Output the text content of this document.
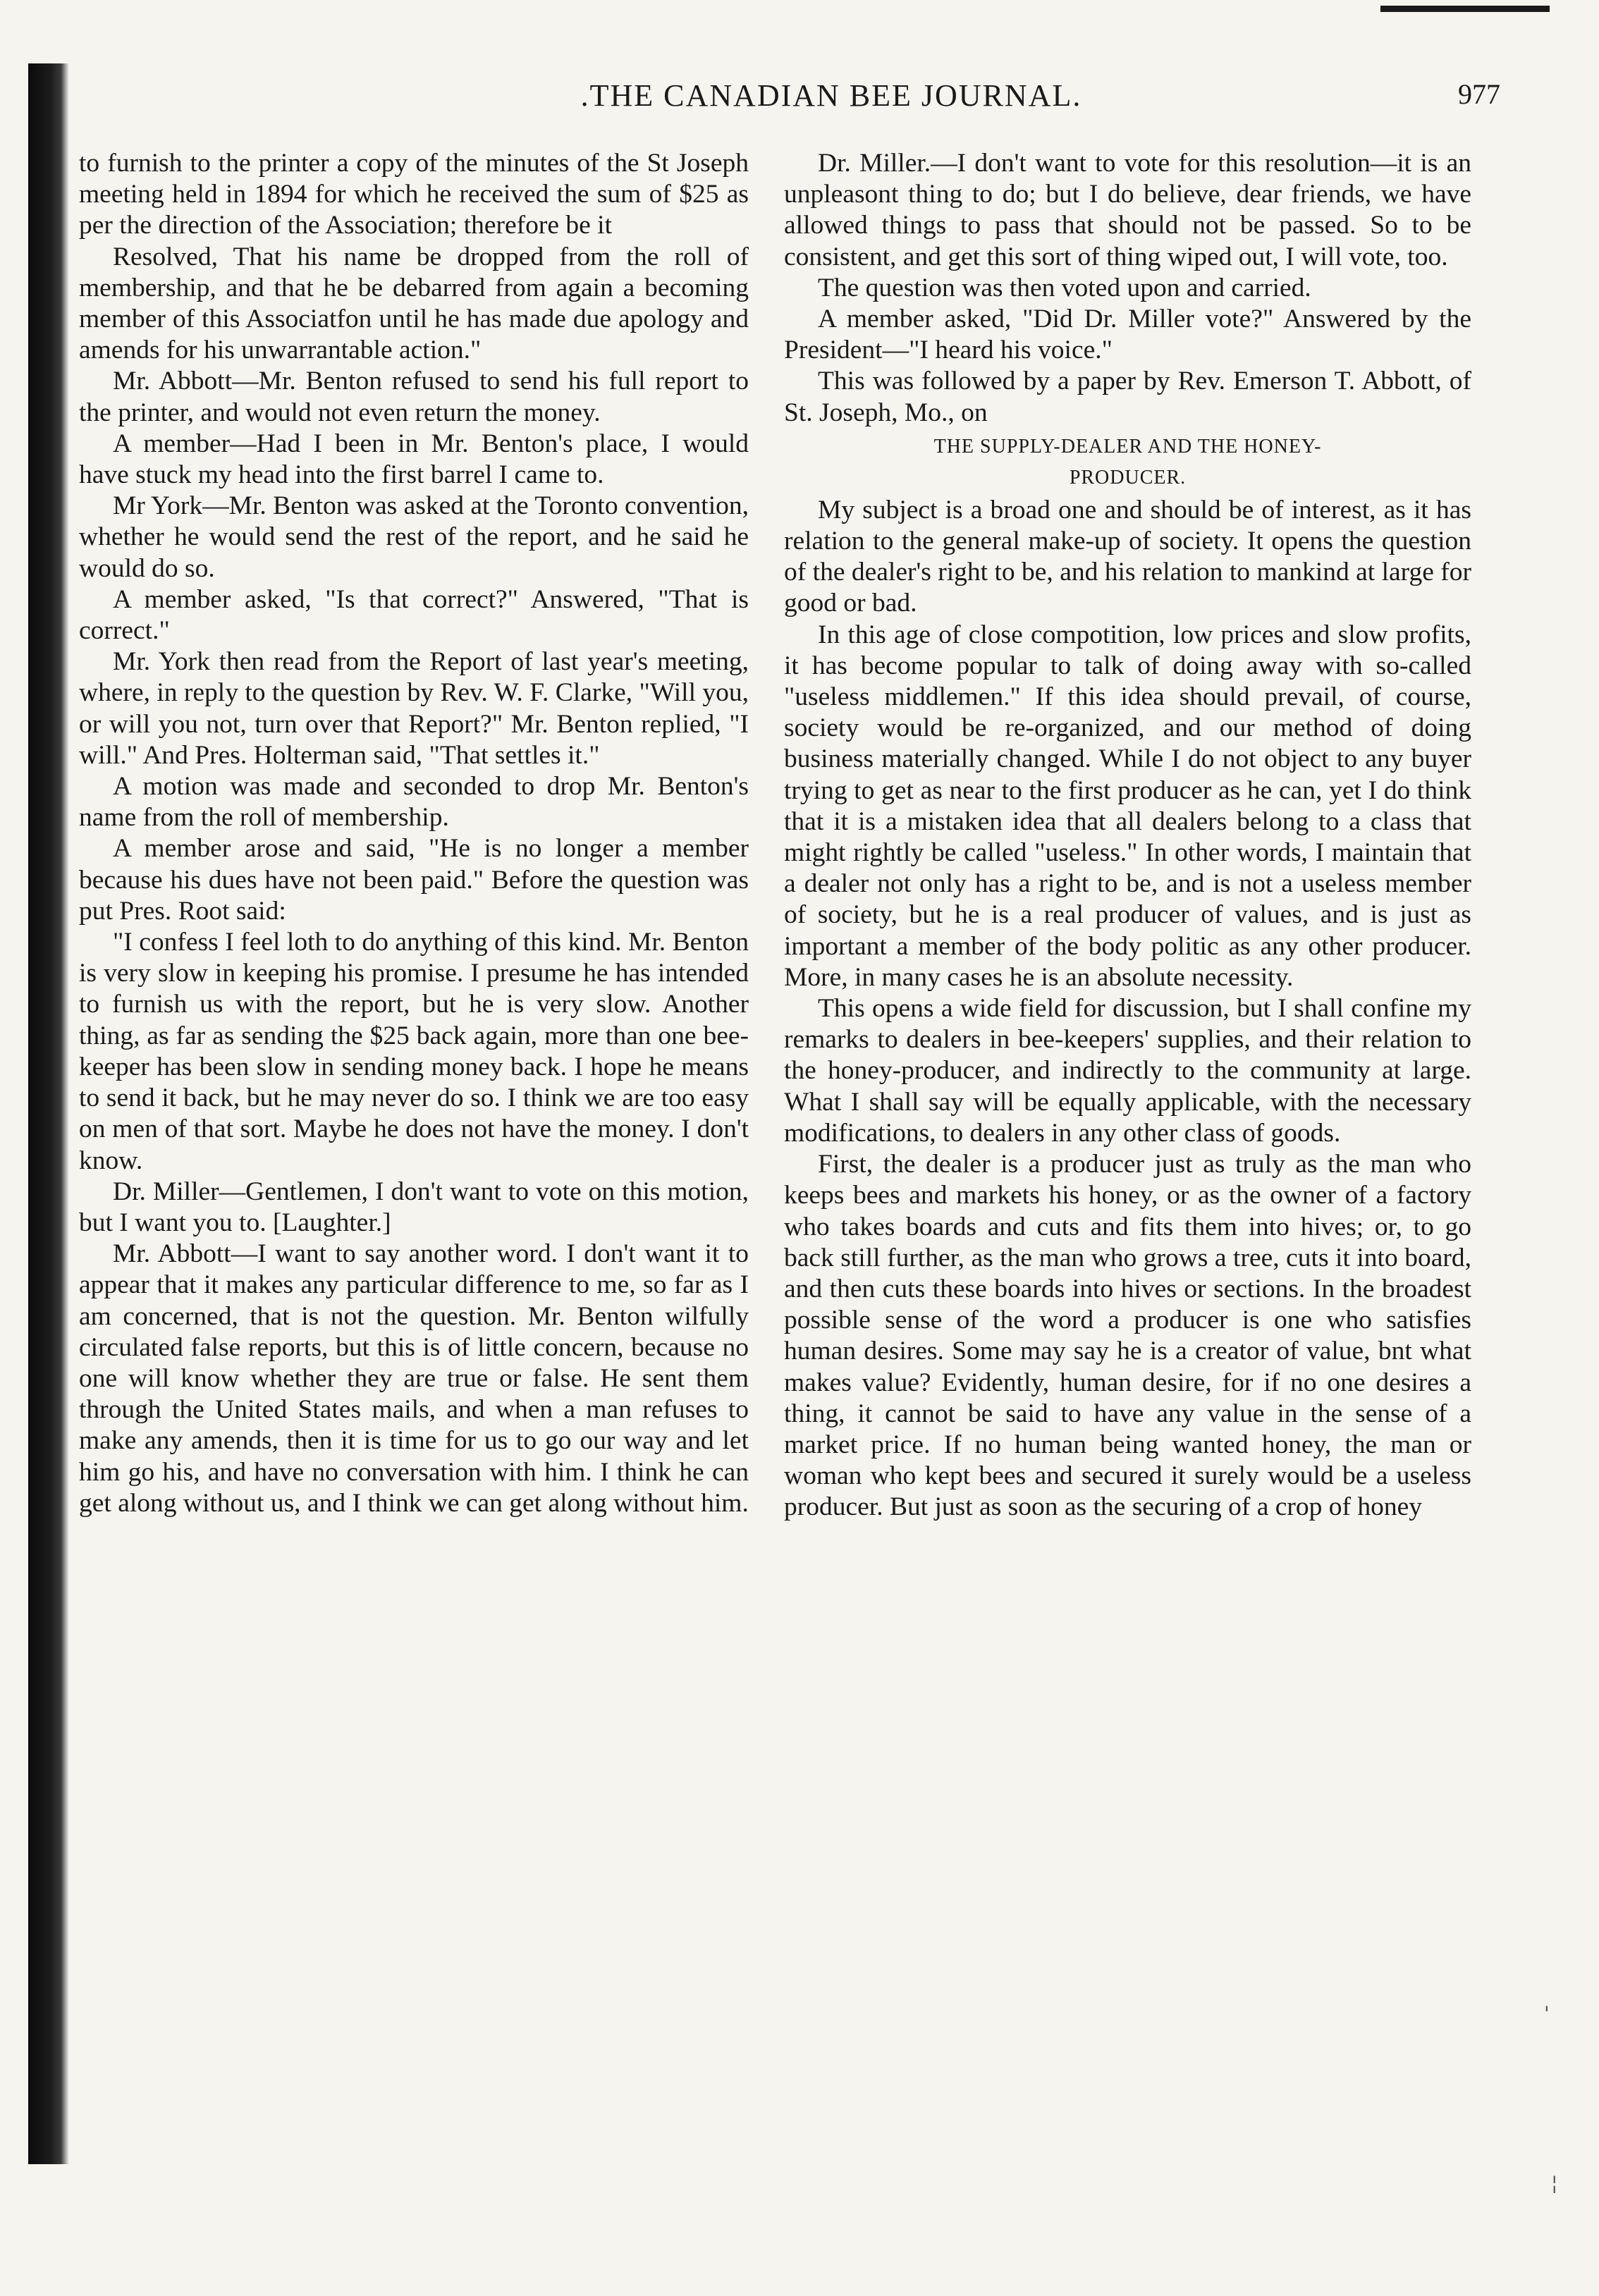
.THE CANADIAN BEE JOURNAL.	977

to furnish to the printer a copy of the minutes of the St Joseph meeting held in 1894 for which he received the sum of $25 as per the direction of the Association; therefore be it

Resolved, That his name be dropped from the roll of membership, and that he be debarred from again a becoming member of this Associatfon until he has made due apology and amends for his unwarrantable action."

Mr. Abbott—Mr. Benton refused to send his full report to the printer, and would not even return the money.

A member—Had I been in Mr. Benton's place, I would have stuck my head into the first barrel I came to.

Mr York—Mr. Benton was asked at the Toronto convention, whether he would send the rest of the report, and he said he would do so.

A member asked, "Is that correct?" Answered, "That is correct."

Mr. York then read from the Report of last year's meeting, where, in reply to the question by Rev. W. F. Clarke, "Will you, or will you not, turn over that Report?" Mr. Benton replied, "I will." And Pres. Holterman said, "That settles it."

A motion was made and seconded to drop Mr. Benton's name from the roll of membership.

A member arose and said, "He is no longer a member because his dues have not been paid." Before the question was put Pres. Root said:

"I confess I feel loth to do anything of this kind. Mr. Benton is very slow in keeping his promise. I presume he has intended to furnish us with the report, but he is very slow. Another thing, as far as sending the $25 back again, more than one bee-keeper has been slow in sending money back. I hope he means to send it back, but he may never do so. I think we are too easy on men of that sort. Maybe he does not have the money. I don't know.

Dr. Miller—Gentlemen, I don't want to vote on this motion, but I want you to. [Laughter.]

Mr. Abbott—I want to say another word. I don't want it to appear that it makes any particular difference to me, so far as I am concerned, that is not the question. Mr. Benton wilfully circulated false reports, but this is of little concern, because no one will know whether they are true or false. He sent them through the United States mails, and when a man refuses to make any amends, then it is time for us to go our way and let him go his, and have no conversation with him. I think he can get along without us, and I think we can get along without him.

Dr. Miller.—I don't want to vote for this resolution—it is an unpleasont thing to do; but I do believe, dear friends, we have allowed things to pass that should not be passed. So to be consistent, and get this sort of thing wiped out, I will vote, too.

The question was then voted upon and carried.

A member asked, "Did Dr. Miller vote?" Answered by the President—"I heard his voice."

This was followed by a paper by Rev. Emerson T. Abbott, of St. Joseph, Mo., on

THE SUPPLY-DEALER AND THE HONEY-
PRODUCER.

My subject is a broad one and should be of interest, as it has relation to the general make-up of society. It opens the question of the dealer's right to be, and his relation to mankind at large for good or bad.

In this age of close compotition, low prices and slow profits, it has become popular to talk of doing away with so-called "useless middlemen." If this idea should prevail, of course, society would be re-organized, and our method of doing business materially changed. While I do not object to any buyer trying to get as near to the first producer as he can, yet I do think that it is a mistaken idea that all dealers belong to a class that might rightly be called "useless." In other words, I maintain that a dealer not only has a right to be, and is not a useless member of society, but he is a real producer of values, and is just as important a member of the body politic as any other producer. More, in many cases he is an absolute necessity.

This opens a wide field for discussion, but I shall confine my remarks to dealers in bee-keepers' supplies, and their relation to the honey-producer, and indirectly to the community at large. What I shall say will be equally applicable, with the necessary modifications, to dealers in any other class of goods.

First, the dealer is a producer just as truly as the man who keeps bees and markets his honey, or as the owner of a factory who takes boards and cuts and fits them into hives; or, to go back still further, as the man who grows a tree, cuts it into board, and then cuts these boards into hives or sections. In the broadest possible sense of the word a producer is one who satisfies human desires. Some may say he is a creator of value, bnt what makes value? Evidently, human desire, for if no one desires a thing, it cannot be said to have any value in the sense of a market price. If no human being wanted honey, the man or woman who kept bees and secured it surely would be a useless producer. But just as soon as the securing of a crop of honey

'
¦
